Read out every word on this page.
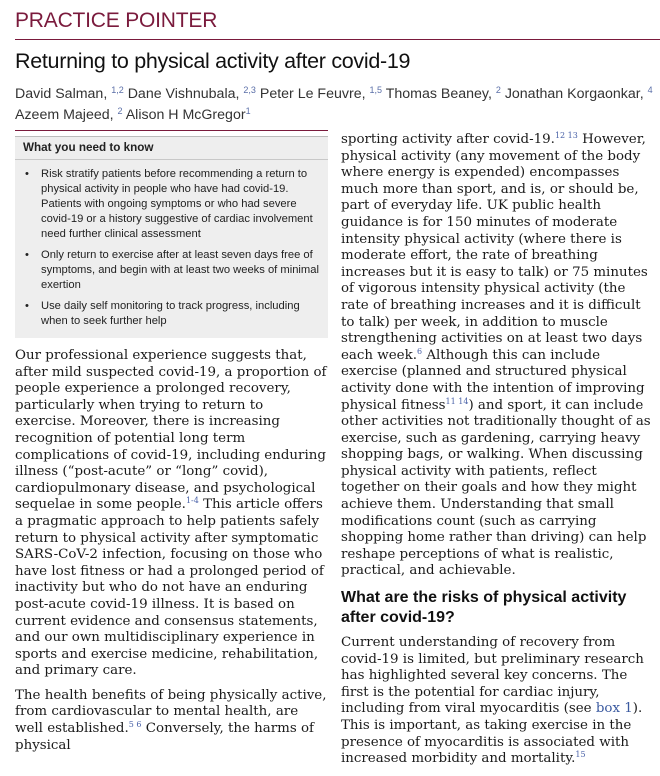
PRACTICE POINTER
Returning to physical activity after covid-19
David Salman, $^{1,2}$ Dane Vishnubala, $^{2,3}$ Peter Le Feuvre, $^{1,5}$ Thomas Beaney, $^2$ Jonathan Korgaonkar, $^4$
Azeem Majeed, $^2$ Alison H McGregor$^1$
What you need to know
• Risk stratify patients before recommending a return to physical activity in people who have had covid-19. Patients with ongoing symptoms or who had severe covid-19 or a history suggestive of cardiac involvement need further clinical assessment
• Only return to exercise after at least seven days free of symptoms, and begin with at least two weeks of minimal exertion
• Use daily self monitoring to track progress, including when to seek further help

Our professional experience suggests that, after mild suspected covid-19, a proportion of people experience a prolonged recovery, particularly when trying to return to exercise. Moreover, there is increasing recognition of potential long term complications of covid-19, including enduring illness (“post-acute” or “long” covid), cardiopulmonary disease, and psychological sequelae in some people.$^{1-4}$ This article offers a pragmatic approach to help patients safely return to physical activity after symptomatic SARS-CoV-2 infection, focusing on those who have lost fitness or had a prolonged period of inactivity but who do not have an enduring post-acute covid-19 illness. It is based on current evidence and consensus statements, and our own multidisciplinary experience in sports and exercise medicine, rehabilitation, and primary care.

The health benefits of being physically active, from cardiovascular to mental health, are well established.$^{5 6}$ Conversely, the harms of physical

sporting activity after covid-19.$^{12 13}$ However, physical activity (any movement of the body where energy is expended) encompasses much more than sport, and is, or should be, part of everyday life. UK public health guidance is for 150 minutes of moderate intensity physical activity (where there is moderate effort, the rate of breathing increases but it is easy to talk) or 75 minutes of vigorous intensity physical activity (the rate of breathing increases and it is difficult to talk) per week, in addition to muscle strengthening activities on at least two days each week.$^6$ Although this can include exercise (planned and structured physical activity done with the intention of improving physical fitness$^{11 14}$) and sport, it can include other activities not traditionally thought of as exercise, such as gardening, carrying heavy shopping bags, or walking. When discussing physical activity with patients, reflect together on their goals and how they might achieve them. Understanding that small modifications count (such as carrying shopping home rather than driving) can help reshape perceptions of what is realistic, practical, and achievable.

What are the risks of physical activity after covid-19?

Current understanding of recovery from covid-19 is limited, but preliminary research has highlighted several key concerns. The first is the potential for cardiac injury, including from viral myocarditis (see box 1). This is important, as taking exercise in the presence of myocarditis is associated with increased morbidity and mortality.$^{15}$
